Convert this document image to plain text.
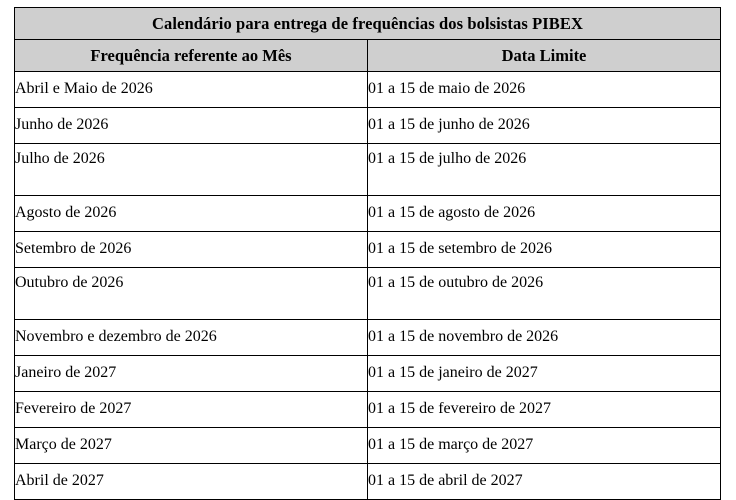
Calendário para entrega de frequências dos bolsistas PIBEX	
Frequência referente ao Mês	Data Limite
Abril e Maio de 2026	01 a 15 de maio de 2026
Junho de 2026	01 a 15 de junho de 2026
Julho de 2026	01 a 15 de julho de 2026
Agosto de 2026	01 a 15 de agosto de 2026
Setembro de 2026	01 a 15 de setembro de 2026
Outubro de 2026	01 a 15 de outubro de 2026
Novembro e dezembro de 2026	01 a 15 de novembro de 2026
Janeiro de 2027	01 a 15 de janeiro de 2027
Fevereiro de 2027	01 a 15 de fevereiro de 2027
Março de 2027	01 a 15 de março de 2027
Abril de 2027	01 a 15 de abril de 2027
